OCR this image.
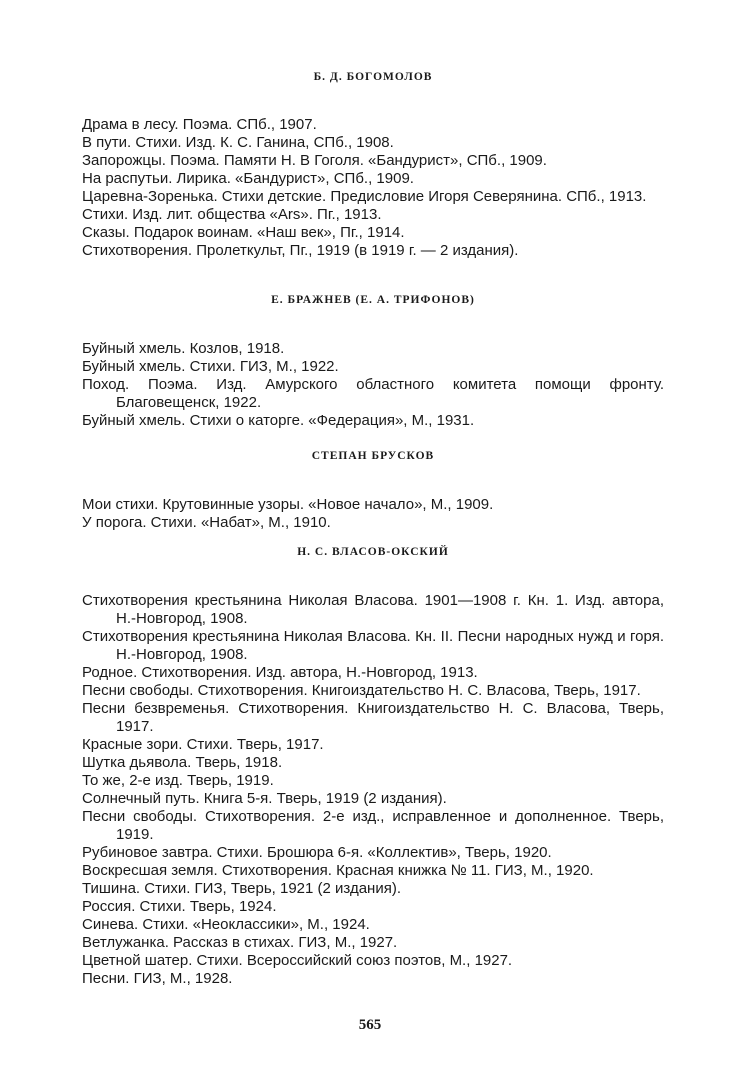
Б. Д. БОГОМОЛОВ

Драма в лесу. Поэма. СПб., 1907.

В пути. Стихи. Изд. К. С. Ганина, СПб., 1908.

Запорожцы. Поэма. Памяти Н. В Гоголя. «Бандурист», СПб., 1909.

На распутьи. Лирика. «Бандурист», СПб., 1909.

Царевна-Зоренька. Стихи детские. Предисловие Игоря Северянина. СПб., 1913.

Стихи. Изд. лит. общества «Ars». Пг., 1913.

Сказы. Подарок воинам. «Наш век», Пг., 1914.

Стихотворения. Пролеткульт, Пг., 1919 (в 1919 г. — 2 издания).

Е. БРАЖНЕВ (Е. А. ТРИФОНОВ)

Буйный хмель. Козлов, 1918.

Буйный хмель. Стихи. ГИЗ, М., 1922.

Поход. Поэма. Изд. Амурского областного комитета помощи фронту. Благовещенск, 1922.

Буйный хмель. Стихи о каторге. «Федерация», М., 1931.

СТЕПАН БРУСКОВ

Мои стихи. Крутовинные узоры. «Новое начало», М., 1909.

У порога. Стихи. «Набат», М., 1910.

Н. С. ВЛАСОВ-ОКСКИЙ

Стихотворения крестьянина Николая Власова. 1901—1908 г. Кн. 1. Изд. автора, Н.-Новгород, 1908.

Стихотворения крестьянина Николая Власова. Кн. II. Песни народных нужд и горя. Н.-Новгород, 1908.

Родное. Стихотворения. Изд. автора, Н.-Новгород, 1913.

Песни свободы. Стихотворения. Книгоиздательство Н. С. Власова, Тверь, 1917.

Песни безвременья. Стихотворения. Книгоиздательство Н. С. Власова, Тверь, 1917.

Красные зори. Стихи. Тверь, 1917.

Шутка дьявола. Тверь, 1918.

То же, 2-е изд. Тверь, 1919.

Солнечный путь. Книга 5-я. Тверь, 1919 (2 издания).

Песни свободы. Стихотворения. 2-е изд., исправленное и дополненное. Тверь, 1919.

Рубиновое завтра. Стихи. Брошюра 6-я. «Коллектив», Тверь, 1920.

Воскресшая земля. Стихотворения. Красная книжка № 11. ГИЗ, М., 1920.

Тишина. Стихи. ГИЗ, Тверь, 1921 (2 издания).

Россия. Стихи. Тверь, 1924.

Синева. Стихи. «Неоклассики», М., 1924.

Ветлужанка. Рассказ в стихах. ГИЗ, М., 1927.

Цветной шатер. Стихи. Всероссийский союз поэтов, М., 1927.

Песни. ГИЗ, М., 1928.

565
